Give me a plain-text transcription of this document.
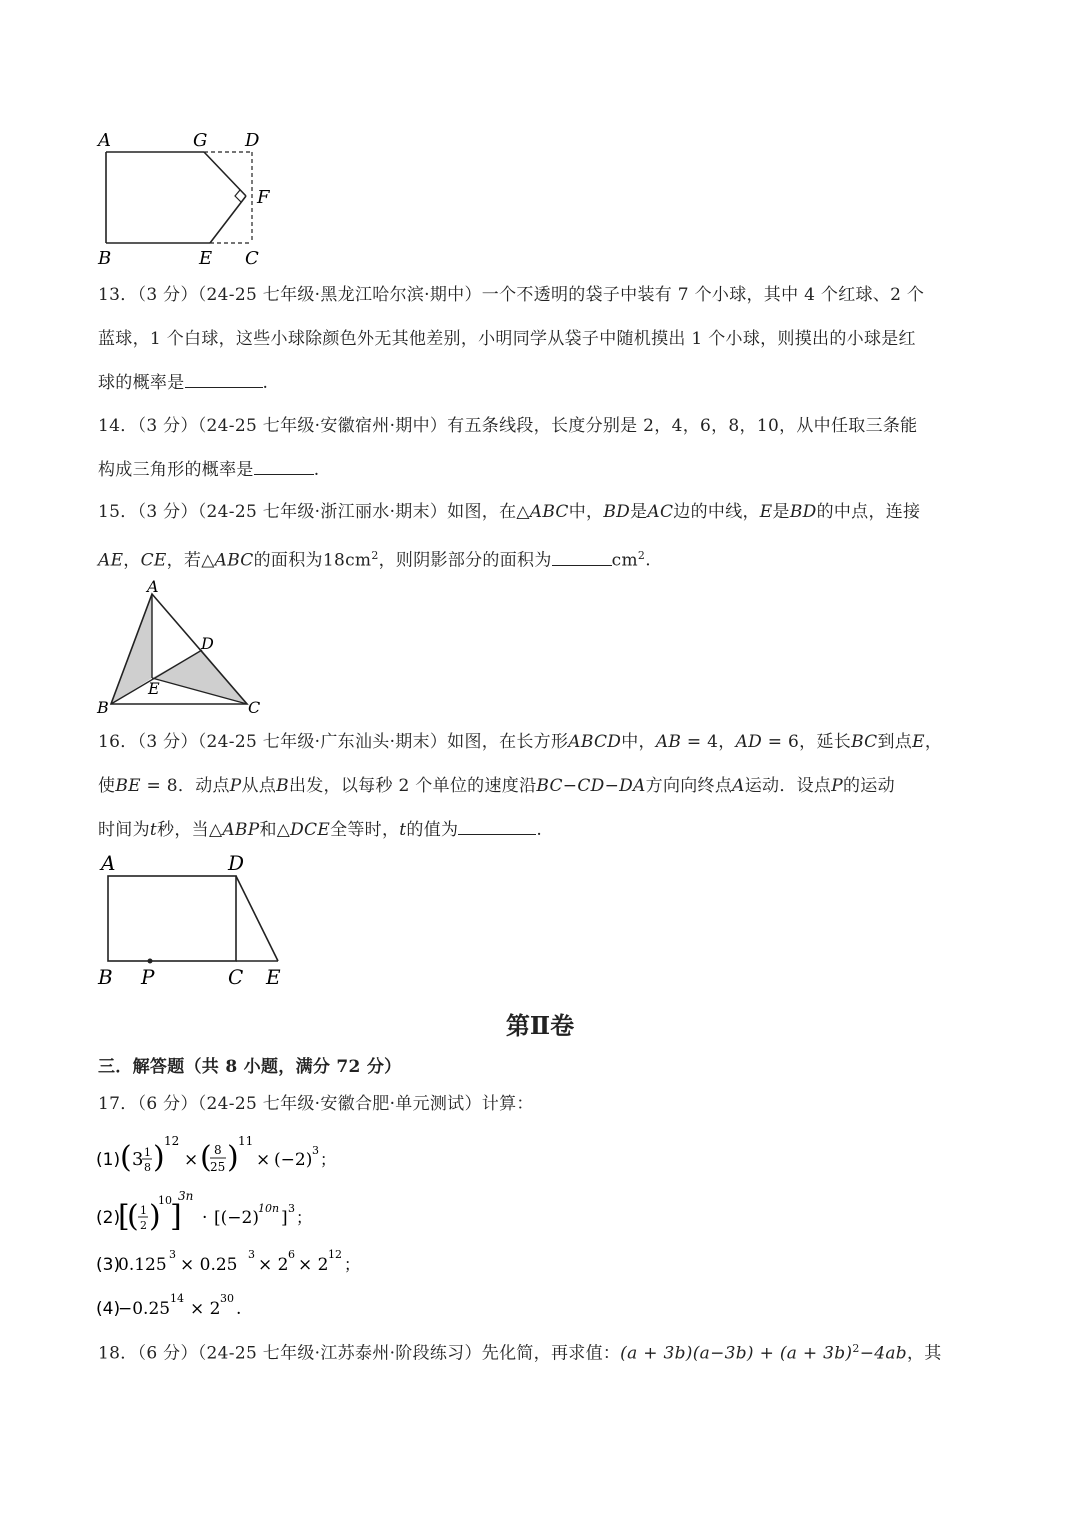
A	G D
F
B	E C
13．（3 分）（24-25 七年级·黑龙江哈尔滨·期中）一个不透明的袋子中装有 7 个小球，其中 4 个红球、2 个
蓝球，1 个白球，这些小球除颜色外无其他差别，小明同学从袋子中随机摸出 1 个小球，则摸出的小球是红
球的概率是	.
14．（3 分）（24-25 七年级·安徽宿州·期中）有五条线段，长度分别是 2，4，6，8，10，从中任取三条能
构成三角形的概率是	.
15．（3 分）（24-25 七年级·浙江丽水·期末）如图，在△ABC中，BD是AC边的中线，E是BD的中点，连接
AE，CE，若△ABC的面积为$18cm^2$，则阴影部分的面积为	$cm^2$.
A
D
E
B	C
16．（3 分）（24-25 七年级·广东汕头·期末）如图，在长方形ABCD中，AB = 4，AD = 6，延长BC到点E，
使BE = 8．动点P从点B出发，以每秒 2 个单位的速度沿BC−CD−DA方向向终点A运动．设点P的运动
时间为t秒，当△ABP和△DCE全等时，t的值为	.
A	D
B P	C E
第Ⅱ卷
三．解答题（共 8 小题，满分 72 分）
17．（6 分）（24-25 七年级·安徽合肥·单元测试）计算：
(1) ( 3 1
8 ) 12
× ( 8
25 ) 11
× (−2) 3 ；
(2)
[
( 1
2 )
10
]
3n
· [(−2) 10n ] 3 ；
(3)
0.125
3
× 0.25
3
× 2
6
× 2
12
；
(4)
−0.25
14
× 2
30
.
18．（6 分）（24-25 七年级·江苏泰州·阶段练习）先化简，再求值：$(a + 3b)(a-3b) + (a + 3b)^2-4ab$，其
